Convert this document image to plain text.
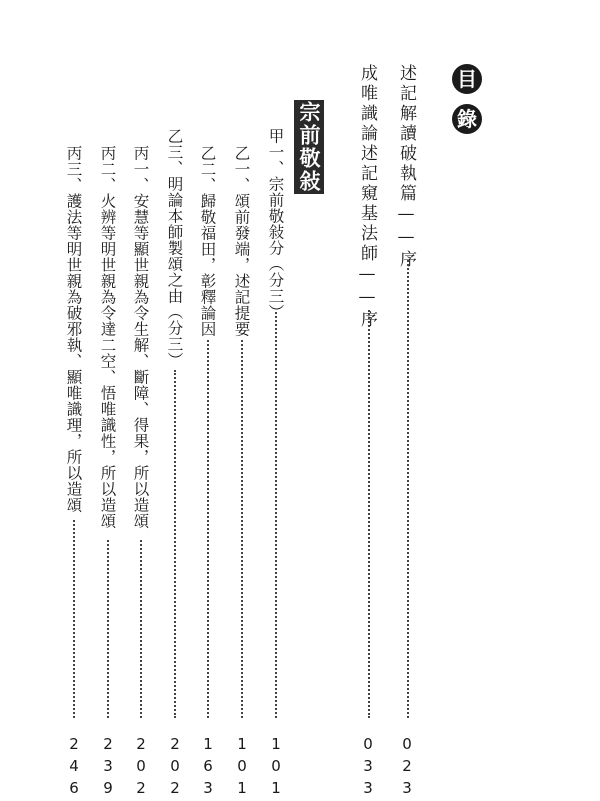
目
錄
述記解讀破執篇——序
023
成唯識論述記窺基法師——序
033
宗前敬敍
甲一、宗前敬敍分（分三）
101
乙一、頌前發端，述記提要
101
乙二、歸敬福田，彰釋論因
163
乙三、明論本師製頌之由（分三）
202
丙一、安慧等顯世親為令生解、斷障、得果，所以造頌
202
丙二、火辨等明世親為令達二空、悟唯識性，所以造頌
239
丙三、護法等明世親為破邪執、顯唯識理，所以造頌
246
